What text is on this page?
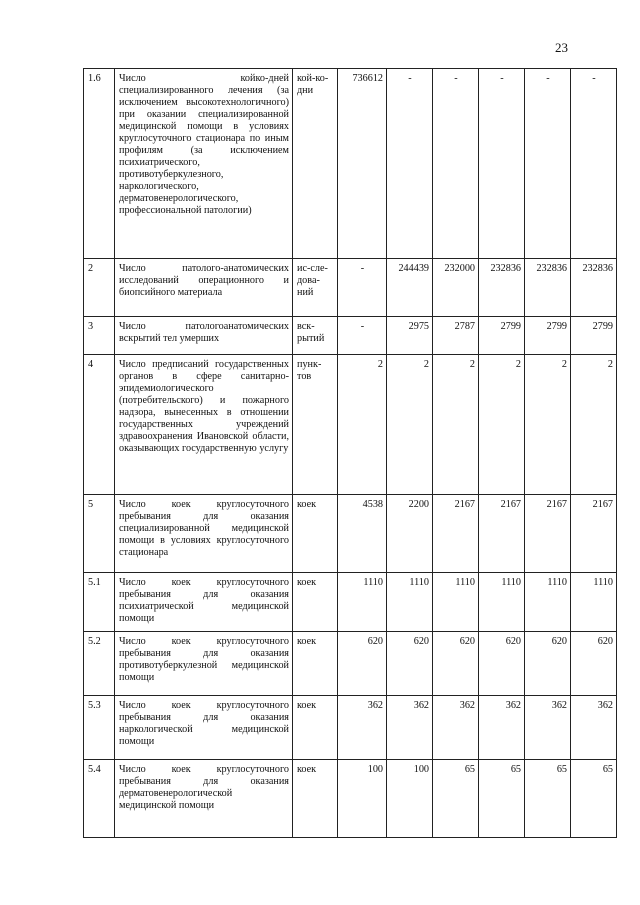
23
1.6	Число койко-дней специализированного лечения (за исключением высокотехнологичного) при оказании специализированной медицинской помощи в условиях круглосуточного стационара по иным профилям (за исключением психиатрического, противотуберкулезного, наркологического, дерматовенерологического, профессиональной патологии)	кой-ко-дни	736612	-	-	-	-	-
2	Число патолого-анатомических исследований операционного и биопсийного материала	ис-сле-дова-ний	-	244439	232000	232836	232836	232836
3	Число патологоанатомических вскрытий тел умерших	вск-рытий	-	2975	2787	2799	2799	2799
4	Число предписаний государственных органов в сфере санитарно-эпидемиологического (потребительского) и пожарного надзора, вынесенных в отношении государственных учреждений здравоохранения Ивановской области, оказывающих государственную услугу	пунк-тов	2	2	2	2	2	2
5	Число коек круглосуточного пребывания для оказания специализированной медицинской помощи в условиях круглосуточного стационара	коек	4538	2200	2167	2167	2167	2167
5.1	Число коек круглосуточного пребывания для оказания психиатрической медицинской помощи	коек	1110	1110	1110	1110	1110	1110
5.2	Число коек круглосуточного пребывания для оказания противотуберкулезной медицинской помощи	коек	620	620	620	620	620	620
5.3	Число коек круглосуточного пребывания для оказания наркологической медицинской помощи	коек	362	362	362	362	362	362
5.4	Число коек круглосуточного пребывания для оказания дерматовенерологической медицинской помощи	коек	100	100	65	65	65	65
